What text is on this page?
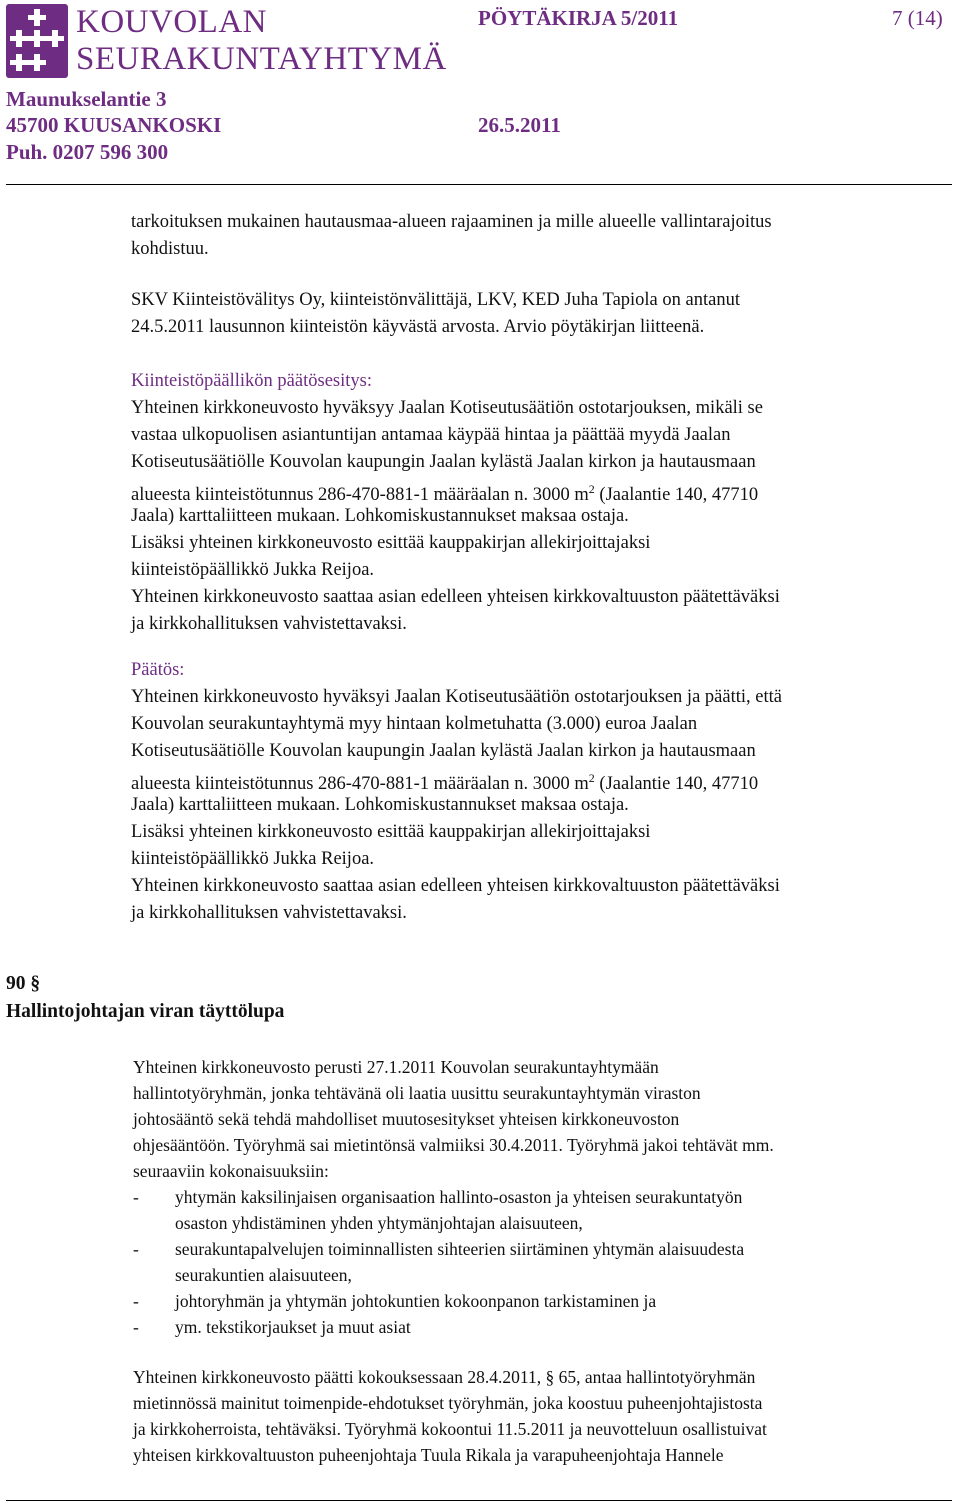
KOUVOLAN
SEURAKUNTAYHTYMÄ
PÖYTÄKIRJA 5/2011	7 (14)
Maunukselantie 3
45700 KUUSANKOSKI
Puh. 0207 596 300
26.5.2011
tarkoituksen mukainen hautausmaa-alueen rajaaminen ja mille alueelle vallintarajoitus
kohdistuu.
SKV Kiinteistövälitys Oy, kiinteistönvälittäjä, LKV, KED Juha Tapiola on antanut
24.5.2011 lausunnon kiinteistön käyvästä arvosta. Arvio pöytäkirjan liitteenä.
Kiinteistöpäällikön päätösesitys:
Yhteinen kirkkoneuvosto hyväksyy Jaalan Kotiseutusäätiön ostotarjouksen, mikäli se
vastaa ulkopuolisen asiantuntijan antamaa käypää hintaa ja päättää myydä Jaalan
Kotiseutusäätiölle Kouvolan kaupungin Jaalan kylästä Jaalan kirkon ja hautausmaan
alueesta kiinteistötunnus 286-470-881-1 määräalan n. 3000 $m^2$ (Jaalantie 140, 47710
Jaala) karttaliitteen mukaan. Lohkomiskustannukset maksaa ostaja.
Lisäksi yhteinen kirkkoneuvosto esittää kauppakirjan allekirjoittajaksi
kiinteistöpäällikkö Jukka Reijoa.
Yhteinen kirkkoneuvosto saattaa asian edelleen yhteisen kirkkovaltuuston päätettäväksi
ja kirkkohallituksen vahvistettavaksi.
Päätös:
Yhteinen kirkkoneuvosto hyväksyi Jaalan Kotiseutusäätiön ostotarjouksen ja päätti, että
Kouvolan seurakuntayhtymä myy hintaan kolmetuhatta (3.000) euroa Jaalan
Kotiseutusäätiölle Kouvolan kaupungin Jaalan kylästä Jaalan kirkon ja hautausmaan
alueesta kiinteistötunnus 286-470-881-1 määräalan n. 3000 $m^2$ (Jaalantie 140, 47710
Jaala) karttaliitteen mukaan. Lohkomiskustannukset maksaa ostaja.
Lisäksi yhteinen kirkkoneuvosto esittää kauppakirjan allekirjoittajaksi
kiinteistöpäällikkö Jukka Reijoa.
Yhteinen kirkkoneuvosto saattaa asian edelleen yhteisen kirkkovaltuuston päätettäväksi
ja kirkkohallituksen vahvistettavaksi.
90 §
Hallintojohtajan viran täyttölupa
Yhteinen kirkkoneuvosto perusti 27.1.2011 Kouvolan seurakuntayhtymään
hallintotyöryhmän, jonka tehtävänä oli laatia uusittu seurakuntayhtymän viraston
johtosääntö sekä tehdä mahdolliset muutosesitykset yhteisen kirkkoneuvoston
ohjesääntöön. Työryhmä sai mietintönsä valmiiksi 30.4.2011. Työryhmä jakoi tehtävät mm.
seuraaviin kokonaisuuksiin:
- yhtymän kaksilinjaisen organisaation hallinto-osaston ja yhteisen seurakuntatyön
osaston yhdistäminen yhden yhtymänjohtajan alaisuuteen,
- seurakuntapalvelujen toiminnallisten sihteerien siirtäminen yhtymän alaisuudesta
seurakuntien alaisuuteen,
- johtoryhmän ja yhtymän johtokuntien kokoonpanon tarkistaminen ja
- ym. tekstikorjaukset ja muut asiat
Yhteinen kirkkoneuvosto päätti kokouksessaan 28.4.2011, § 65, antaa hallintotyöryhmän
mietinnössä mainitut toimenpide-ehdotukset työryhmän, joka koostuu puheenjohtajistosta
ja kirkkoherroista, tehtäväksi. Työryhmä kokoontui 11.5.2011 ja neuvotteluun osallistuivat
yhteisen kirkkovaltuuston puheenjohtaja Tuula Rikala ja varapuheenjohtaja Hannele
